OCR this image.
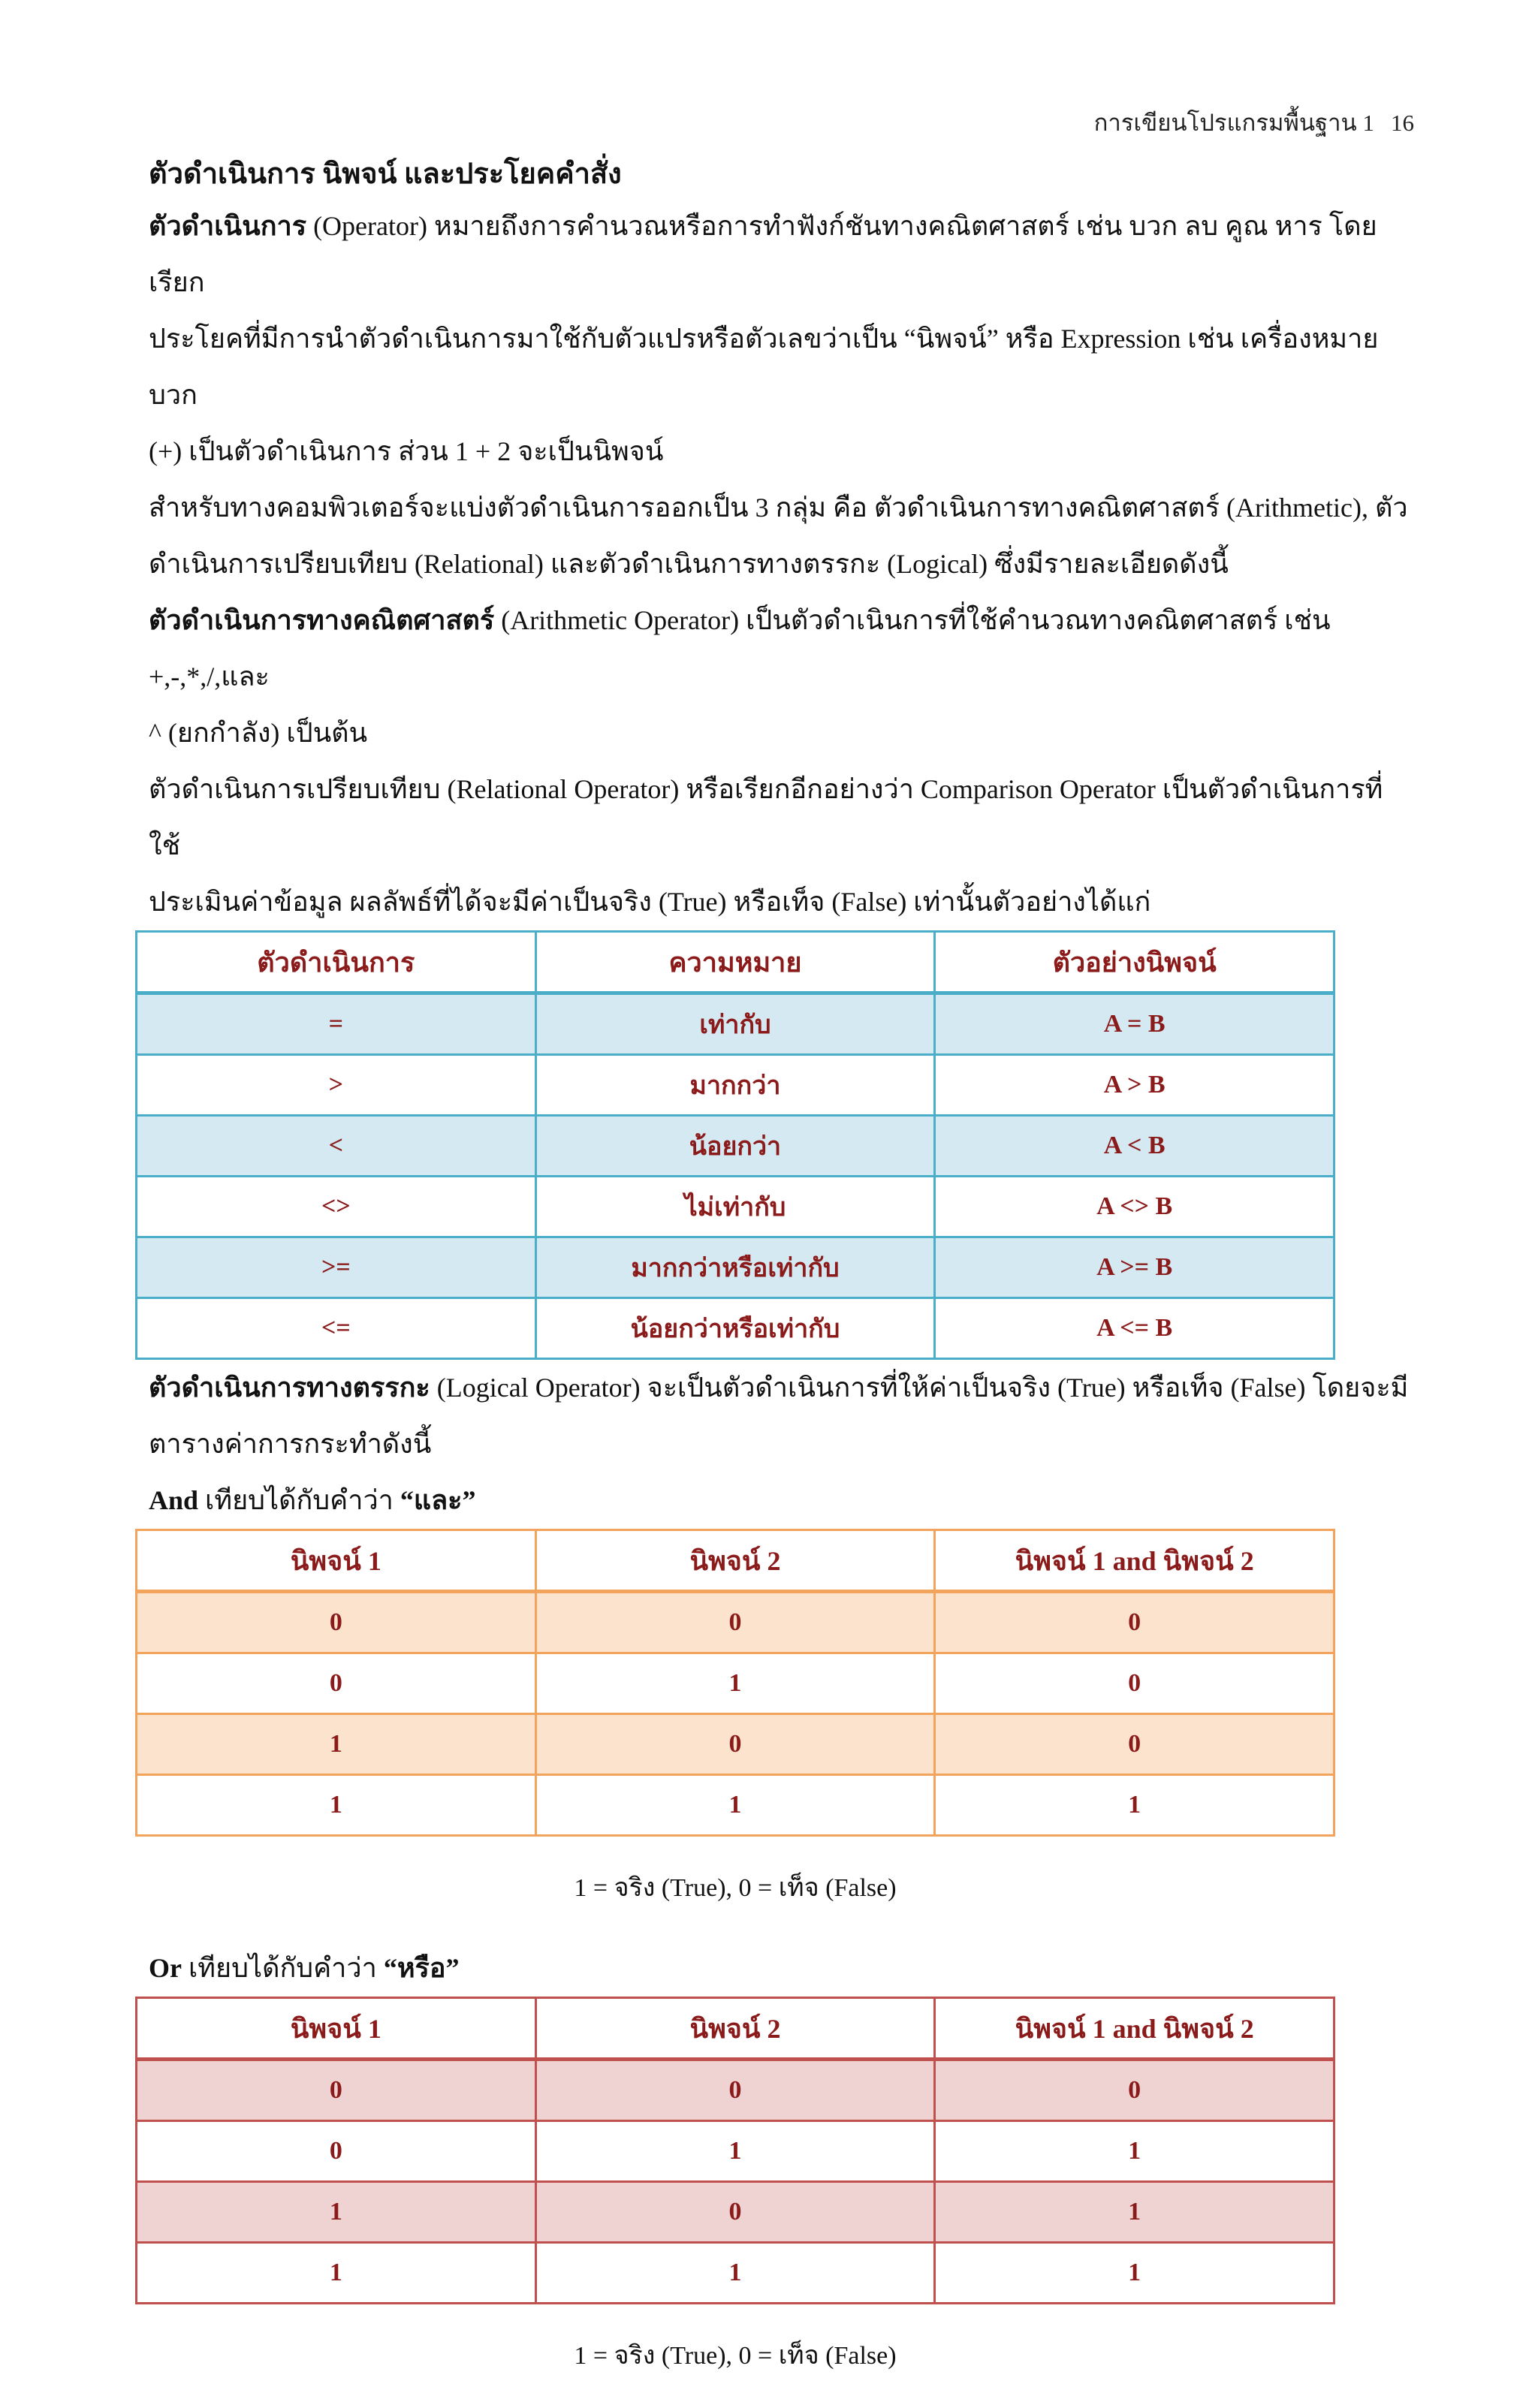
การเขียนโปรแกรมพื้นฐาน 1 16

ตัวดำเนินการ นิพจน์ และประโยคคำสั่ง

ตัวดำเนินการ (Operator) หมายถึงการคำนวณหรือการทำฟังก์ชันทางคณิตศาสตร์ เช่น บวก ลบ คูณ หาร โดยเรียก
ประโยคที่มีการนำตัวดำเนินการมาใช้กับตัวแปรหรือตัวเลขว่าเป็น “นิพจน์” หรือ Expression เช่น เครื่องหมายบวก
(+) เป็นตัวดำเนินการ ส่วน 1 + 2 จะเป็นนิพจน์

สำหรับทางคอมพิวเตอร์จะแบ่งตัวดำเนินการออกเป็น 3 กลุ่ม คือ ตัวดำเนินการทางคณิตศาสตร์ (Arithmetic), ตัว
ดำเนินการเปรียบเทียบ (Relational) และตัวดำเนินการทางตรรกะ (Logical) ซึ่งมีรายละเอียดดังนี้

ตัวดำเนินการทางคณิตศาสตร์ (Arithmetic Operator) เป็นตัวดำเนินการที่ใช้คำนวณทางคณิตศาสตร์ เช่น +,-,*,/,และ
^ (ยกกำลัง) เป็นต้น

ตัวดำเนินการเปรียบเทียบ (Relational Operator) หรือเรียกอีกอย่างว่า Comparison Operator เป็นตัวดำเนินการที่ใช้
ประเมินค่าข้อมูล ผลลัพธ์ที่ได้จะมีค่าเป็นจริง (True) หรือเท็จ (False) เท่านั้นตัวอย่างได้แก่

ตัวดำเนินการ	ความหมาย	ตัวอย่างนิพจน์
=	เท่ากับ	A = B
>	มากกว่า	A > B
<	น้อยกว่า	A < B
<>	ไม่เท่ากับ	A <> B
>=	มากกว่าหรือเท่ากับ	A >= B
<=	น้อยกว่าหรือเท่ากับ	A <= B

ตัวดำเนินการทางตรรกะ (Logical Operator) จะเป็นตัวดำเนินการที่ให้ค่าเป็นจริง (True) หรือเท็จ (False) โดยจะมี
ตารางค่าการกระทำดังนี้

And เทียบได้กับคำว่า “และ”

นิพจน์ 1	นิพจน์ 2	นิพจน์ 1 and นิพจน์ 2
0	0	0
0	1	0
1	0	0
1	1	1

1 = จริง (True), 0 = เท็จ (False)

Or เทียบได้กับคำว่า “หรือ”

นิพจน์ 1	นิพจน์ 2	นิพจน์ 1 and นิพจน์ 2
0	0	0
0	1	1
1	0	1
1	1	1

1 = จริง (True), 0 = เท็จ (False)
